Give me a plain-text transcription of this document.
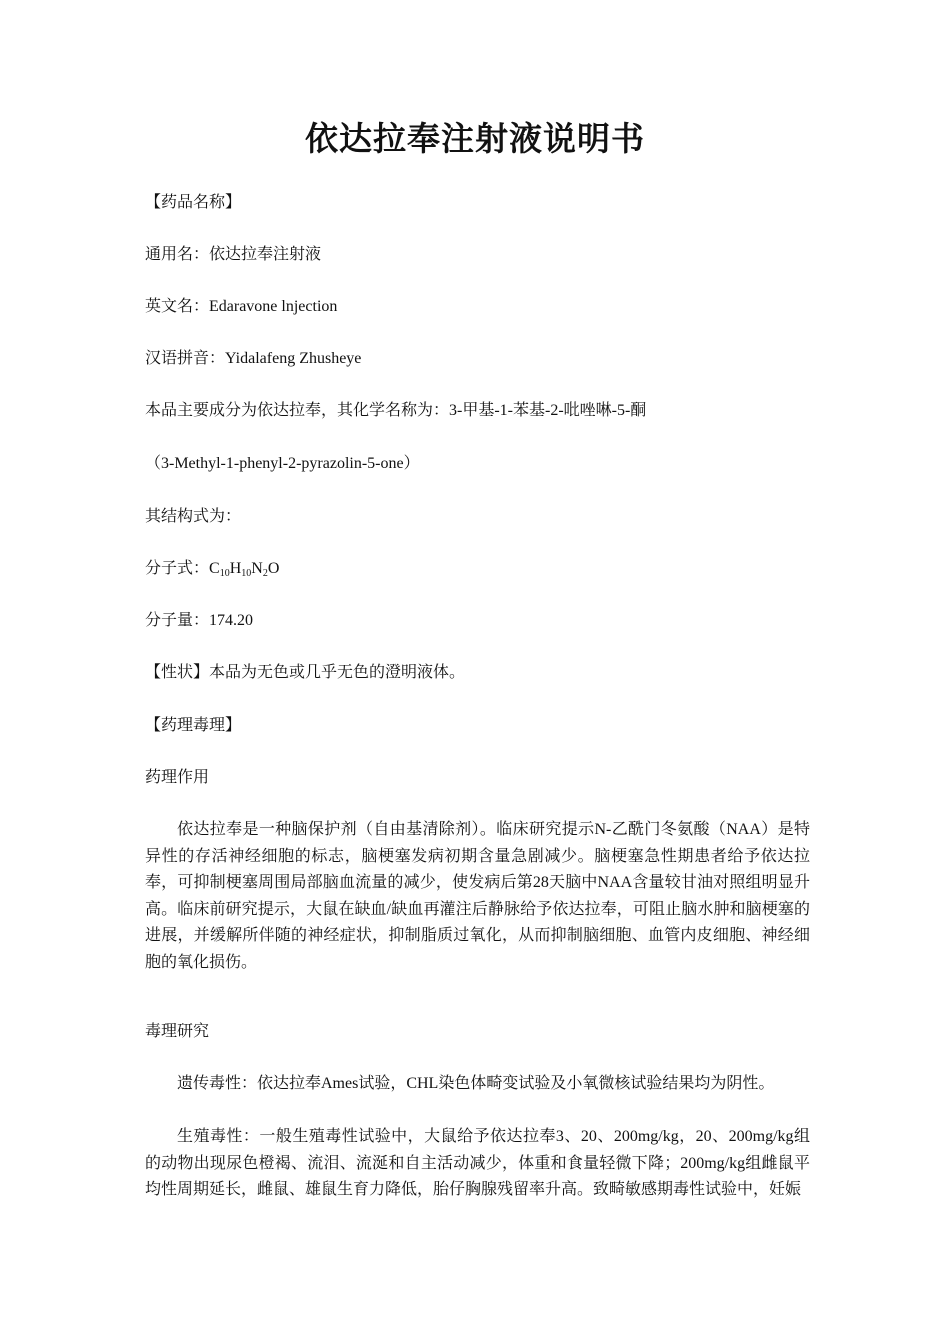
依达拉奉注射液说明书
【药品名称】
通用名：依达拉奉注射液
英文名：Edaravone lnjection
汉语拼音：Yidalafeng Zhusheye
本品主要成分为依达拉奉，其化学名称为：3-甲基-1-苯基-2-吡唑啉-5-酮
（3-Methyl-1-phenyl-2-pyrazolin-5-one）
其结构式为：
分子式：$C_{10}H_{10}N_2O$
分子量：174.20
【性状】本品为无色或几乎无色的澄明液体。
【药理毒理】
药理作用
依达拉奉是一种脑保护剂（自由基清除剂）。临床研究提示N-乙酰门冬氨酸（NAA）是特异性的存活神经细胞的标志，脑梗塞发病初期含量急剧减少。脑梗塞急性期患者给予依达拉奉，可抑制梗塞周围局部脑血流量的减少，使发病后第28天脑中NAA含量较甘油对照组明显升高。临床前研究提示，大鼠在缺血/缺血再灌注后静脉给予依达拉奉，可阻止脑水肿和脑梗塞的进展，并缓解所伴随的神经症状，抑制脂质过氧化，从而抑制脑细胞、血管内皮细胞、神经细胞的氧化损伤。
毒理研究
遗传毒性：依达拉奉Ames试验，CHL染色体畸变试验及小氧微核试验结果均为阴性。
生殖毒性：一般生殖毒性试验中，大鼠给予依达拉奉3、20、200mg/kg，20、200mg/kg组的动物出现尿色橙褐、流泪、流涎和自主活动减少，体重和食量轻微下降；200mg/kg组雌鼠平均性周期延长，雌鼠、雄鼠生育力降低，胎仔胸腺残留率升高。致畸敏感期毒性试验中，妊娠
